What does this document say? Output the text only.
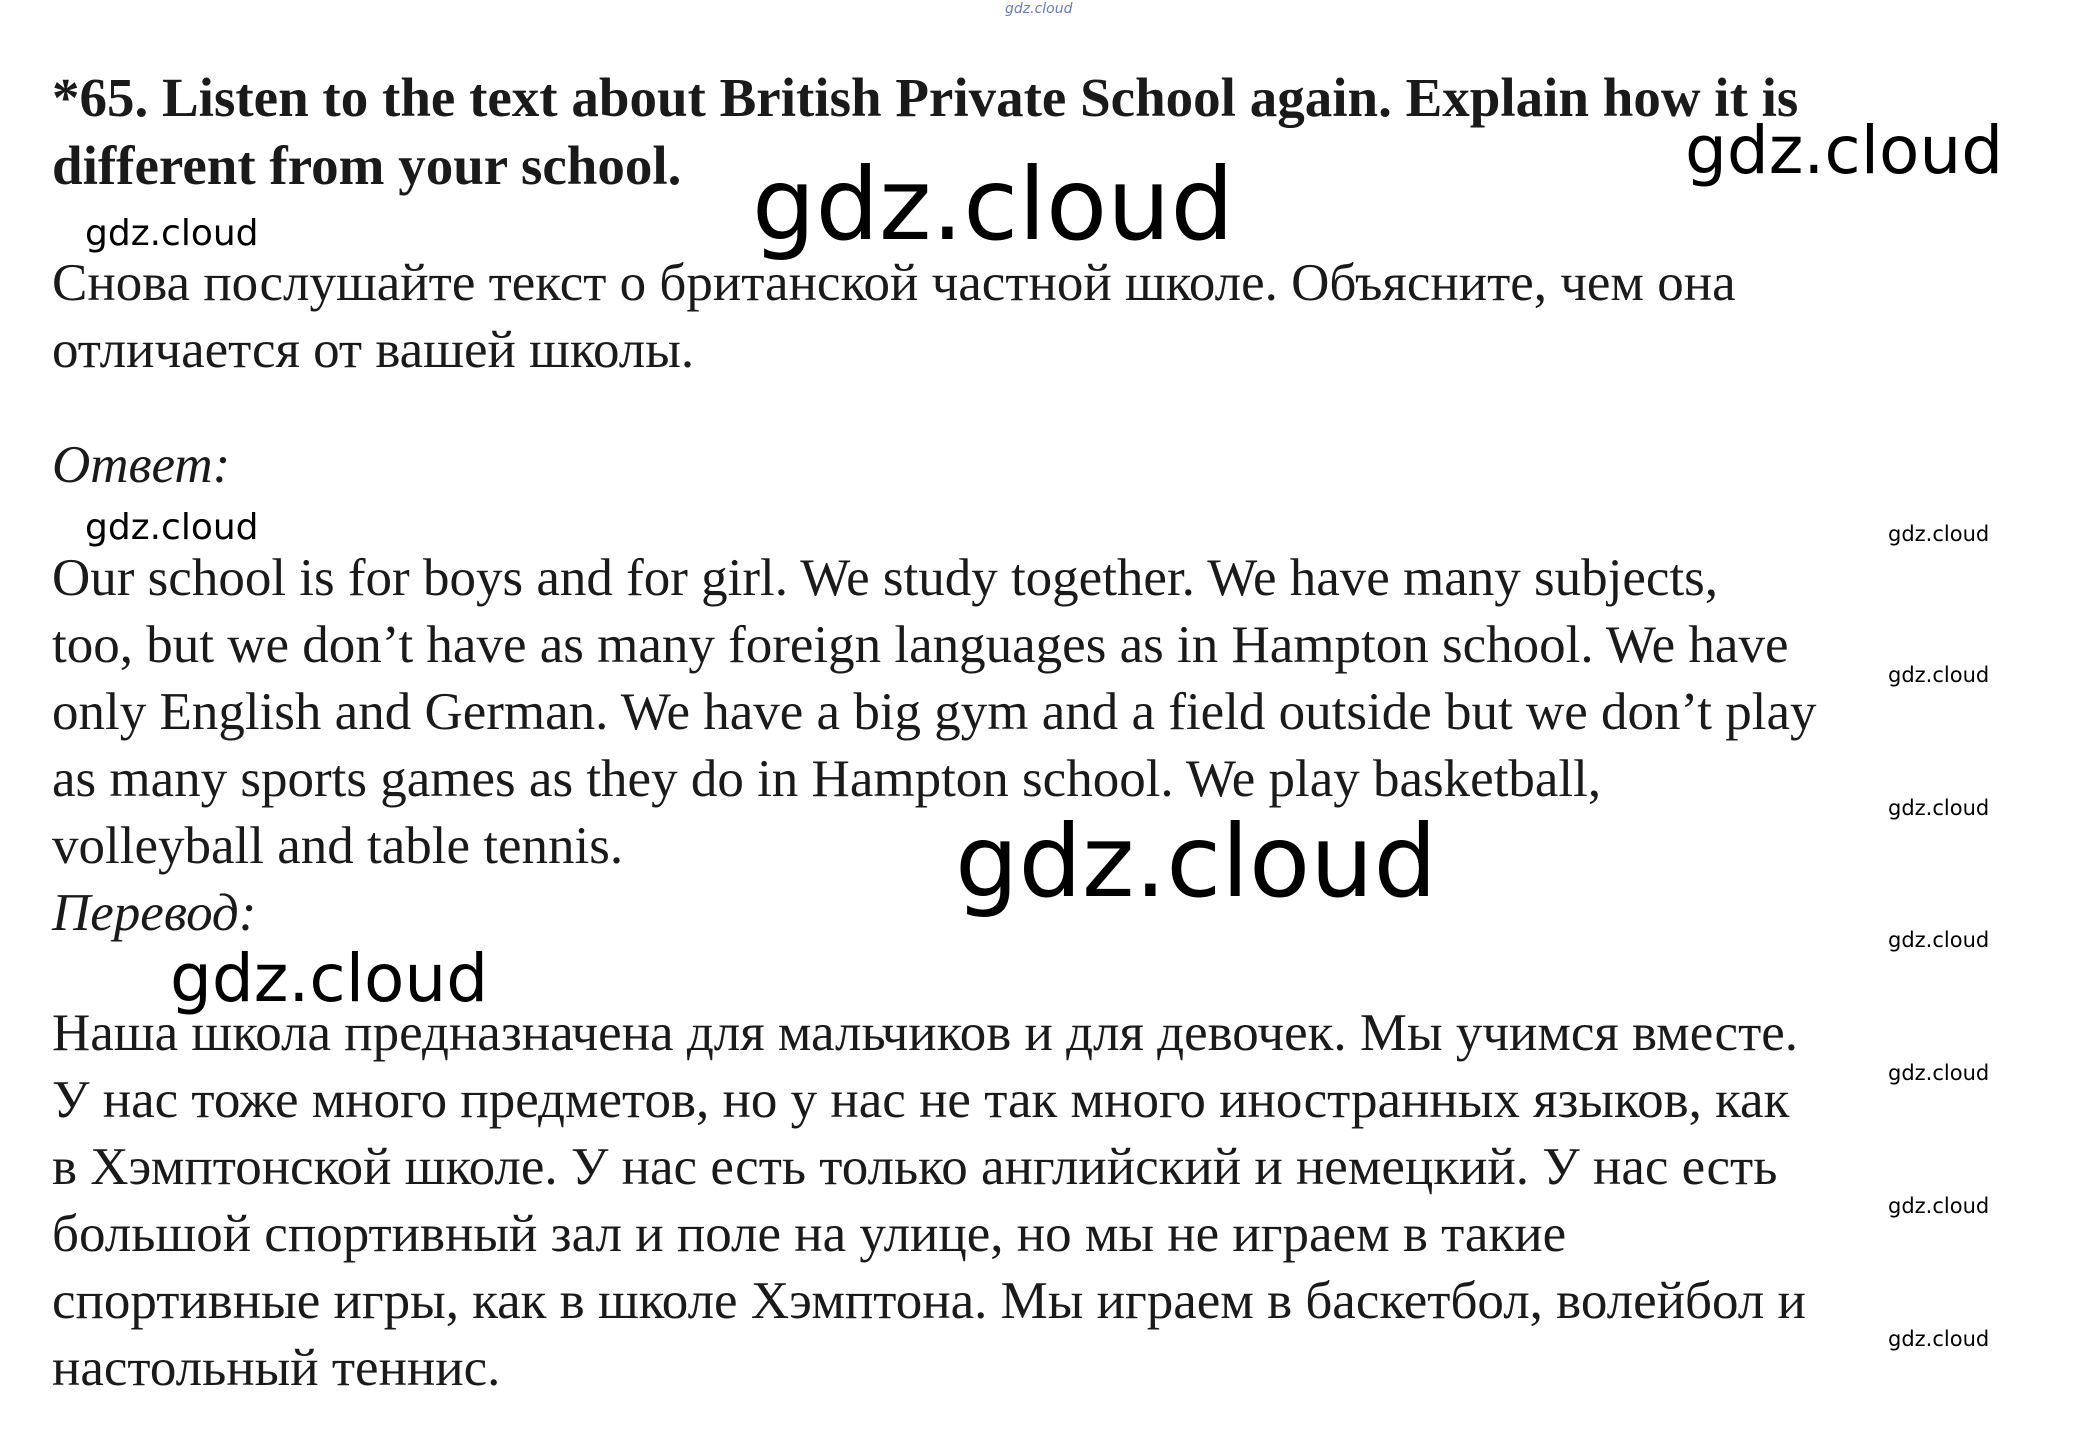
gdz.cloud
gdz.cloud
gdz.cloud
gdz.cloud
gdz.cloud	gdz.cloud
gdz.cloud
gdz.cloud
gdz.cloud
gdz.cloud
gdz.cloud
gdz.cloud
gdz.cloud
gdz.cloud

*65. Listen to the text about British Private School again. Explain how it is different from your school.

Снова послушайте текст о британской частной школе. Объясните, чем она
отличается от вашей школы.
Ответ:
Our school is for boys and for girl. We study together. We have many subjects,
too, but we don’t have as many foreign languages as in Hampton school. We have
only English and German. We have a big gym and a field outside but we don’t play
as many sports games as they do in Hampton school. We play basketball,
volleyball and table tennis.
Перевод:
Наша школа предназначена для мальчиков и для девочек. Мы учимся вместе.
У нас тоже много предметов, но у нас не так много иностранных языков, как
в Хэмптонской школе. У нас есть только английский и немецкий. У нас есть
большой спортивный зал и поле на улице, но мы не играем в такие
спортивные игры, как в школе Хэмптона. Мы играем в баскетбол, волейбол и
настольный теннис.
